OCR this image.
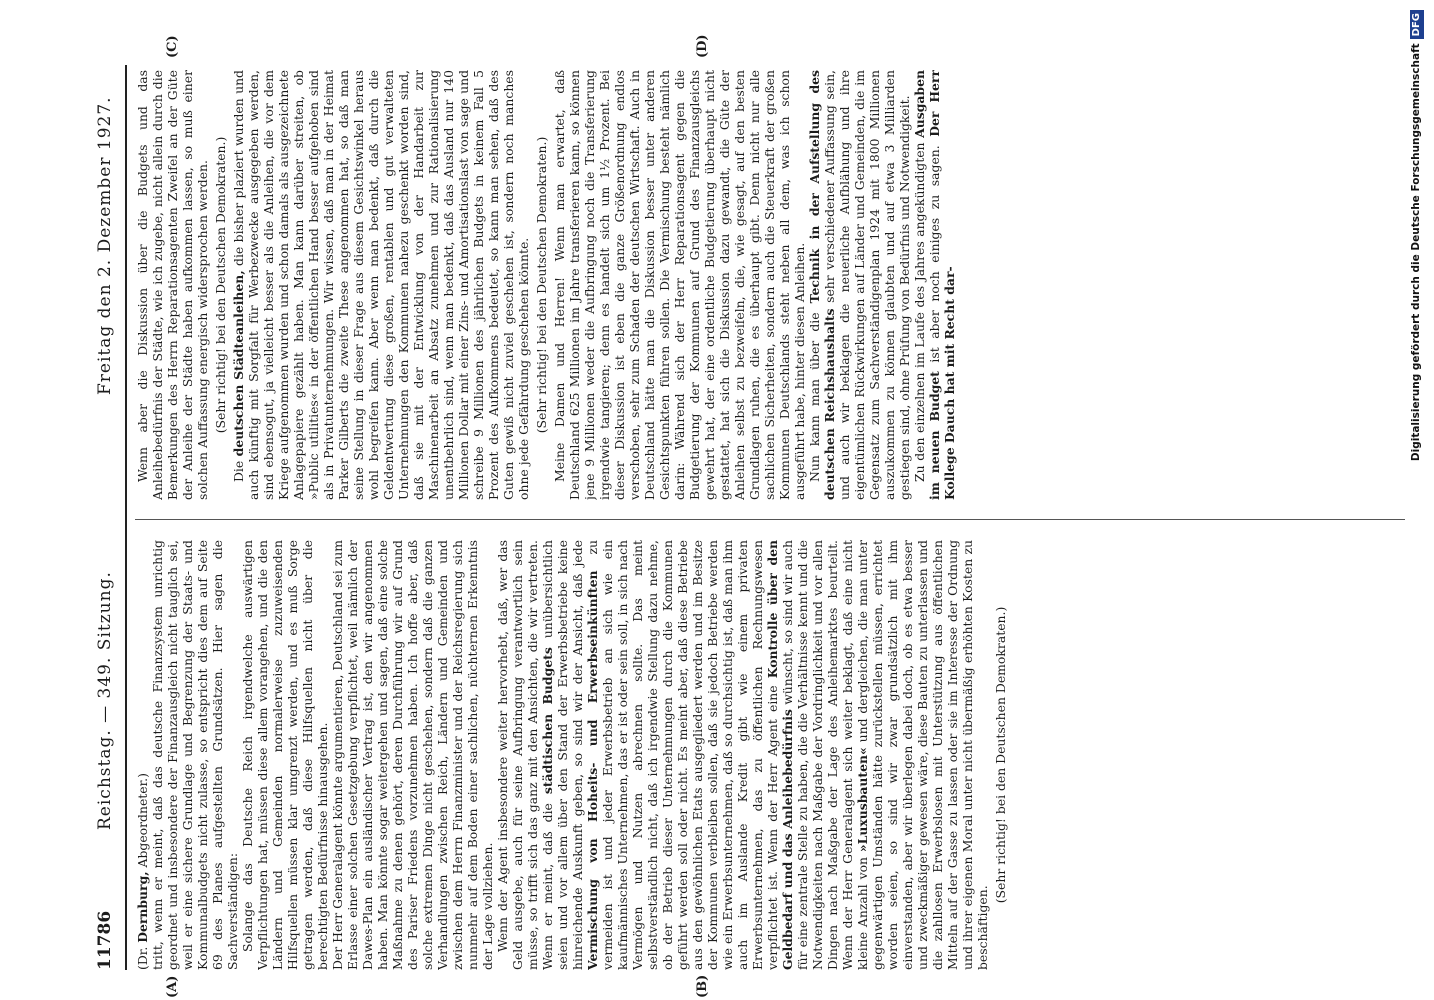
11786
Reichstag. — 349. Sitzung.
Freitag den 2. Dezember 1927.

(Dr. Dernburg, Abgeordneter.) tritt, wenn er meint, daß das deutsche Finanzsystem unrichtig geordnet und insbesondere der Finanzausgleich nicht tauglich sei, weil er eine sichere Grundlage und Begrenzung der Staats- und Kommunalbudgets nicht zulasse, so entspricht dies dem auf Seite 69 des Planes aufgestellten Grundsätzen. Hier sagen die Sachverständigen: Solange das Deutsche Reich irgendwelche auswärtigen Verpflichtungen hat, müssen diese allem vorangehen, und die den Ländern und Gemeinden normalerweise zuzuweisenden Hilfsquellen müssen klar umgrenzt werden, und es muß Sorge getragen werden, daß diese Hilfsquellen nicht über die berechtigten Bedürfnisse hinausgehen. Der Herr Generalagent könnte argumentieren, Deutschland sei zum Erlasse einer solchen Gesetzgebung verpflichtet, weil nämlich der Dawes-Plan ein ausländischer Vertrag ist, den wir angenommen haben. Man könnte sogar weitergehen und sagen, daß eine solche Maßnahme zu denen gehört, deren Durchführung wir auf Grund des Pariser Friedens vorzunehmen haben. Ich hoffe aber, daß solche extremen Dinge nicht geschehen, sondern daß die ganzen Verhandlungen zwischen Reich, Ländern und Gemeinden und zwischen dem Herrn Finanzminister und der Reichsregierung sich nunmehr auf dem Boden einer sachlichen, nüchternen Erkenntnis der Lage vollziehen. Wenn der Agent insbesondere weiter hervorhebt, daß, wer das Geld ausgebe, auch für seine Aufbringung verantwortlich sein müsse, so trifft sich das ganz mit den Ansichten, die wir vertreten. Wenn er meint, daß die städtischen Budgets unübersichtlich seien und vor allem über den Stand der Erwerbsbetriebe keine hinreichende Auskunft geben, so sind wir der Ansicht, daß jede Vermischung von Hoheits- und Erwerbseinkünften zu vermeiden ist und jeder Erwerbsbetrieb an sich wie ein kaufmännisches Unternehmen, das er ist oder sein soll, in sich nach Vermögen und Nutzen abrechnen sollte. Das meint selbstverständlich nicht, daß ich irgendwie Stellung dazu nehme, ob der Betrieb dieser Unternehmungen durch die Kommunen geführt werden soll oder nicht. Es meint aber, daß diese Betriebe aus den gewöhnlichen Etats ausgegliedert werden und im Besitze der Kommunen verbleiben sollen, daß sie jedoch Betriebe werden wie ein Erwerbsunternehmen, daß so durchsichtig ist, daß man ihm auch im Auslande Kredit gibt wie einem privaten Erwerbsunternehmen, das zu öffentlichen Rechnungswesen verpflichtet ist. Wenn der Herr Agent eine Kontrolle über den Geldbedarf und das Anleihebedürfnis wünscht, so sind wir auch für eine zentrale Stelle zu haben, die die Verhältnisse kennt und die Notwendigkeiten nach Maßgabe der Vordringlichkeit und vor allen Dingen nach Maßgabe der Lage des Anleihemarktes beurteilt. Wenn der Herr Generalagent sich weiter beklagt, daß eine nicht kleine Anzahl von »Luxusbauten« und dergleichen, die man unter gegenwärtigen Umständen hätte zurückstellen müssen, errichtet worden seien, so sind wir zwar grundsätzlich mit ihm einverstanden, aber wir überlegen dabei doch, ob es etwa besser und zweckmäßiger gewesen wäre, diese Bauten zu unterlassen und die zahllosen Erwerbslosen mit Unterstützung aus öffentlichen Mitteln auf der Gasse zu lassen oder sie im Interesse der Ordnung und ihrer eigenen Moral unter nicht übermäßig erhöhten Kosten zu beschäftigen.

(Sehr richtig! bei den Deutschen Demokraten.)

Wenn aber die Diskussion über die Budgets und das Anleihebedürfnis der Städte, wie ich zugebe, nicht allein durch die Bemerkungen des Herrn Reparationsagenten Zweifel an der Güte der Anleihe der Städte haben aufkommen lassen, so muß einer solchen Auffassung energisch widersprochen werden. (Sehr richtig! bei den Deutschen Demokraten.)

Die deutschen Städteanleihen, die bisher plaziert wurden und auch künftig mit Sorgfalt für Werbezwecke ausgegeben werden, sind ebensogut, ja vielleicht besser als die Anleihen, die vor dem Kriege aufgenommen wurden und schon damals als ausgezeichnete Anlagepapiere gezählt haben. Man kann darüber streiten, ob »Public utilities« in der öffentlichen Hand besser aufgehoben sind als in Privatunternehmungen. Wir wissen, daß man in der Heimat Parker Gilberts die zweite These angenommen hat, so daß man seine Stellung in dieser Frage aus diesem Gesichtswinkel heraus wohl begreifen kann. Aber wenn man bedenkt, daß durch die Geldentwertung diese großen, rentablen und gut verwalteten Unternehmungen den Kommunen nahezu geschenkt worden sind, daß sie mit der Entwicklung von der Handarbeit zur Maschinenarbeit an Absatz zunehmen und zur Rationalisierung unentbehrlich sind, wenn man bedenkt, daß das Ausland nur 140 Millionen Dollar mit einer Zins- und Amortisationslast von sage und schreibe 9 Millionen des jährlichen Budgets in keinem Fall 5 Prozent des Aufkommens bedeutet, so kann man sehen, daß des Guten gewiß nicht zuviel geschehen ist, sondern noch manches ohne jede Gefährdung geschehen könnte. (Sehr richtig! bei den Deutschen Demokraten.) Meine Damen und Herren! Wenn man erwartet, daß Deutschland 625 Millionen im Jahre transferieren kann, so können jene 9 Millionen weder die Aufbringung noch die Transferierung irgendwie tangieren; denn es handelt sich um 1½ Prozent. Bei dieser Diskussion ist eben die ganze Größenordnung endlos verschoben, sehr zum Schaden der deutschen Wirtschaft. Auch in Deutschland hätte man die Diskussion besser unter anderen Gesichtspunkten führen sollen. Die Vermischung besteht nämlich darin: Während sich der Herr Reparationsagent gegen die Budgetierung der Kommunen auf Grund des Finanzausgleichs gewehrt hat, der eine ordentliche Budgetierung überhaupt nicht gestattet, hat sich die Diskussion dazu gewandt, die Güte der Anleihen selbst zu bezweifeln, die, wie gesagt, auf den besten Grundlagen ruhen, die es überhaupt gibt. Denn nicht nur alle sachlichen Sicherheiten, sondern auch die Steuerkraft der großen Kommunen Deutschlands steht neben all dem, was ich schon ausgeführt habe, hinter diesen Anleihen. Nun kann man über die Technik in der Aufstellung des deutschen Reichshaushalts sehr verschiedener Auffassung sein, und auch wir beklagen die neuerliche Aufblähung und ihre eigentümlichen Rückwirkungen auf Länder und Gemeinden, die im Gegensatz zum Sachverständigenplan 1924 mit 1800 Millionen auszukommen zu können glaubten und auf etwa 3 Milliarden gestiegen sind, ohne Prüfung von Bedürfnis und Notwendigkeit. Zu den einzelnen im Laufe des Jahres angekündigten Ausgaben im neuen Budget ist aber noch einiges zu sagen. Der Herr Kollege Dauch hat mit Recht dar-

(A)	(B)
(C)	(D)	Digitalisierung gefördert durch die Deutsche ForschungsgemeinschaftDFG
